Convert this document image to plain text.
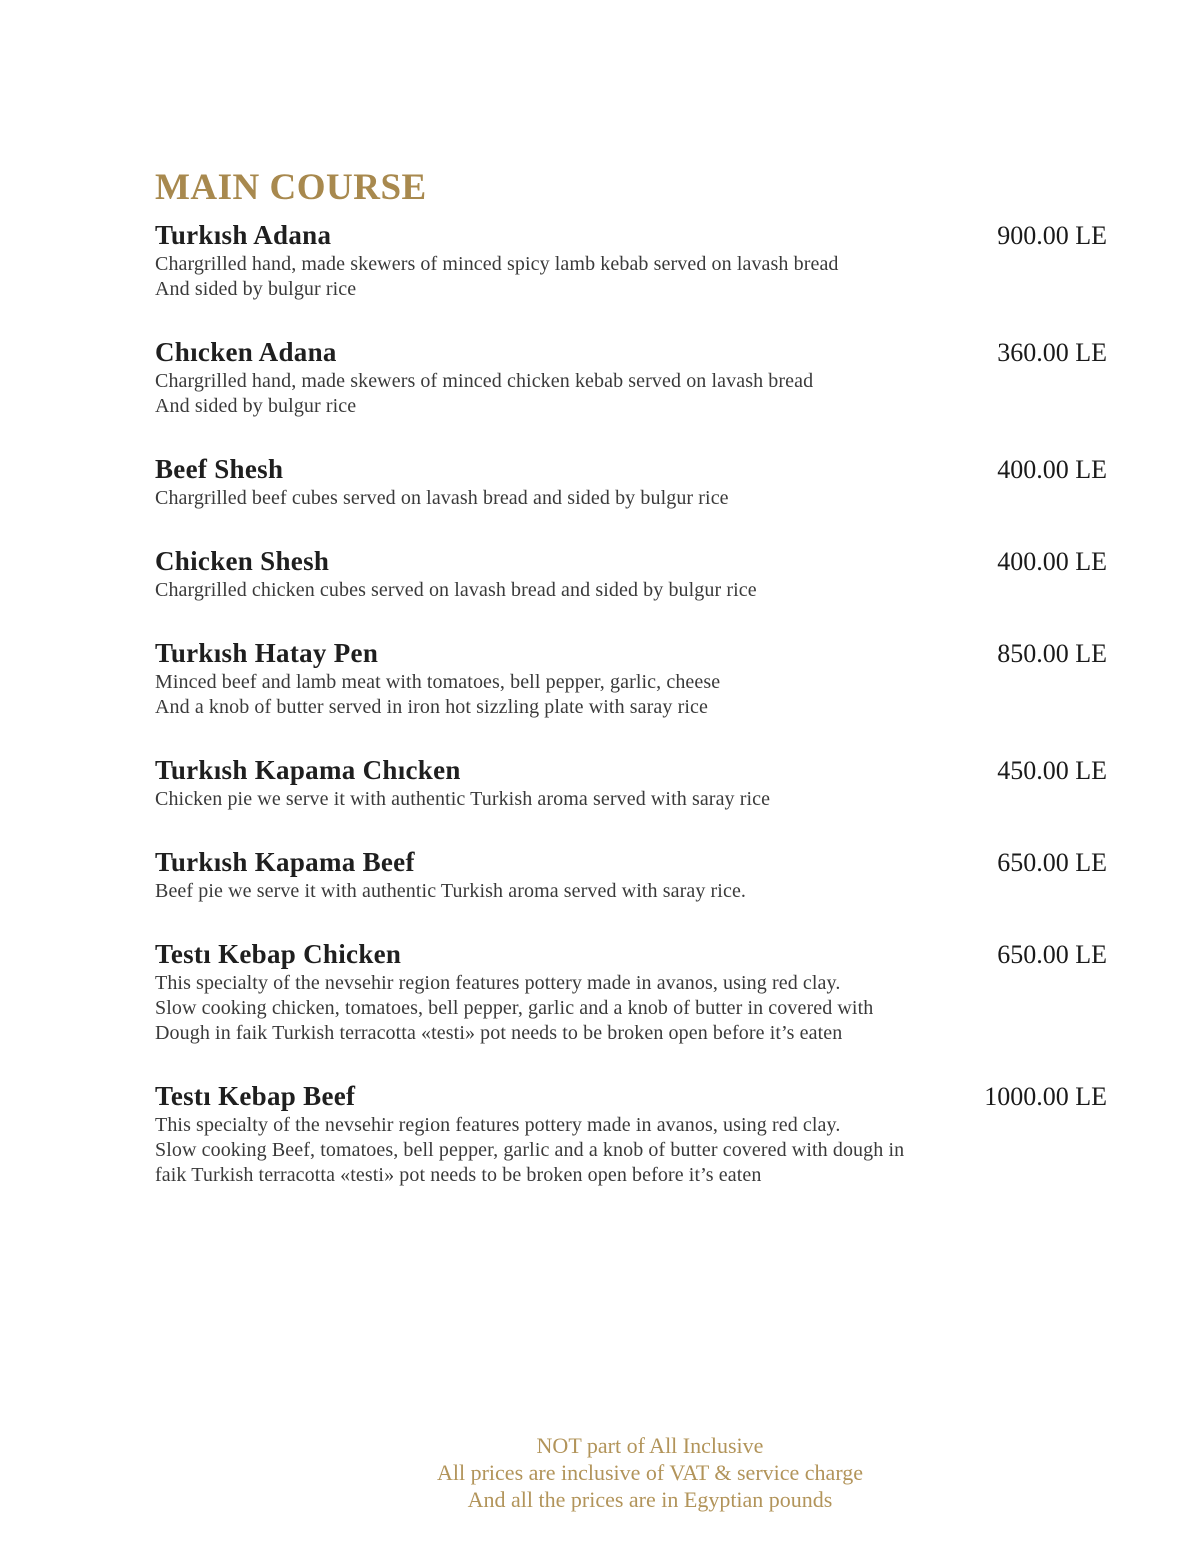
MAIN COURSE
Turkısh Adana	900.00 LE
Chargrilled hand, made skewers of minced spicy lamb kebab served on lavash bread
And sided by bulgur rice
Chıcken Adana	360.00 LE
Chargrilled hand, made skewers of minced chicken kebab served on lavash bread
And sided by bulgur rice
Beef Shesh	400.00 LE
Chargrilled beef cubes served on lavash bread and sided by bulgur rice
Chicken Shesh	400.00 LE
Chargrilled chicken cubes served on lavash bread and sided by bulgur rice
Turkısh Hatay Pen	850.00 LE
Minced beef and lamb meat with tomatoes, bell pepper, garlic, cheese
And a knob of butter served in iron hot sizzling plate with saray rice
Turkısh Kapama Chıcken	450.00 LE
Chicken pie we serve it with authentic Turkish aroma served with saray rice
Turkısh Kapama Beef	650.00 LE
Beef pie we serve it with authentic Turkish aroma served with saray rice.
Testı Kebap Chicken	650.00 LE
This specialty of the nevsehir region features pottery made in avanos, using red clay.
Slow cooking chicken, tomatoes, bell pepper, garlic and a knob of butter in covered with
Dough in faik Turkish terracotta «testi» pot needs to be broken open before it’s eaten
Testı Kebap Beef	1000.00 LE
This specialty of the nevsehir region features pottery made in avanos, using red clay.
Slow cooking Beef, tomatoes, bell pepper, garlic and a knob of butter covered with dough in
faik Turkish terracotta «testi» pot needs to be broken open before it’s eaten
NOT part of All Inclusive
All prices are inclusive of VAT & service charge
And all the prices are in Egyptian pounds
